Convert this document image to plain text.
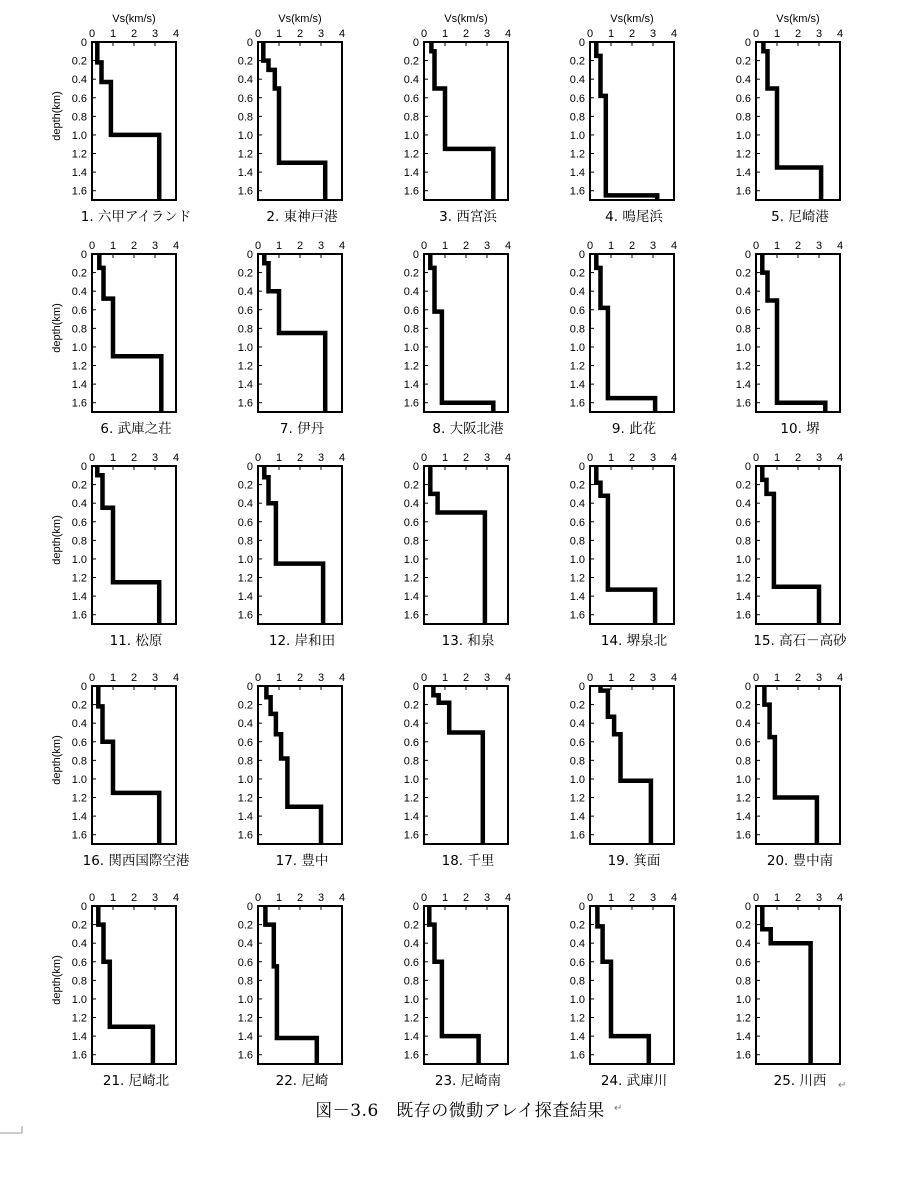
0 1 2 3 4
0
0.2
0.4
0.6
0.8
1.0
1.2
1.4
1.6
Vs(km/s)
depth(km)
1. 六甲アイランド
0 1 2 3 4
0
0.2
0.4
0.6
0.8
1.0
1.2
1.4
1.6
Vs(km/s)
2. 東神戸港
0 1 2 3 4
0
0.2
0.4
0.6
0.8
1.0
1.2
1.4
1.6
Vs(km/s)
3. 西宮浜
0 1 2 3 4
0
0.2
0.4
0.6
0.8
1.0
1.2
1.4
1.6
Vs(km/s)
4. 鳴尾浜
0 1 2 3 4
0
0.2
0.4
0.6
0.8
1.0
1.2
1.4
1.6
Vs(km/s)
5. 尼崎港
0 1 2 3 4
0
0.2
0.4
0.6
0.8
1.0
1.2
1.4
1.6
depth(km)
6. 武庫之荘
0 1 2 3 4
0
0.2
0.4
0.6
0.8
1.0
1.2
1.4
1.6
7. 伊丹
0 1 2 3 4
0
0.2
0.4
0.6
0.8
1.0
1.2
1.4
1.6
8. 大阪北港
0 1 2 3 4
0
0.2
0.4
0.6
0.8
1.0
1.2
1.4
1.6
9. 此花
0 1 2 3 4
0
0.2
0.4
0.6
0.8
1.0
1.2
1.4
1.6
10. 堺
0 1 2 3 4
0
0.2
0.4
0.6
0.8
1.0
1.2
1.4
1.6
depth(km)
11. 松原
0 1 2 3 4
0
0.2
0.4
0.6
0.8
1.0
1.2
1.4
1.6
12. 岸和田
0 1 2 3 4
0
0.2
0.4
0.6
0.8
1.0
1.2
1.4
1.6
13. 和泉
0 1 2 3 4
0
0.2
0.4
0.6
0.8
1.0
1.2
1.4
1.6
14. 堺泉北
0 1 2 3 4
0
0.2
0.4
0.6
0.8
1.0
1.2
1.4
1.6
15. 高石－高砂
0 1 2 3 4
0
0.2
0.4
0.6
0.8
1.0
1.2
1.4
1.6
depth(km)
16. 関西国際空港
0 1 2 3 4
0
0.2
0.4
0.6
0.8
1.0
1.2
1.4
1.6
17. 豊中
0 1 2 3 4
0
0.2
0.4
0.6
0.8
1.0
1.2
1.4
1.6
18. 千里
0 1 2 3 4
0
0.2
0.4
0.6
0.8
1.0
1.2
1.4
1.6
19. 箕面
0 1 2 3 4
0
0.2
0.4
0.6
0.8
1.0
1.2
1.4
1.6
20. 豊中南
0 1 2 3 4
0
0.2
0.4
0.6
0.8
1.0
1.2
1.4
1.6
depth(km)
21. 尼崎北
0 1 2 3 4
0
0.2
0.4
0.6
0.8
1.0
1.2
1.4
1.6
22. 尼崎
0 1 2 3 4
0
0.2
0.4
0.6
0.8
1.0
1.2
1.4
1.6
23. 尼崎南
0 1 2 3 4
0
0.2
0.4
0.6
0.8
1.0
1.2
1.4
1.6
24. 武庫川
0 1 2 3 4
0
0.2
0.4
0.6
0.8
1.0
1.2
1.4
1.6
25. 川西
図－3.6　既存の微動アレイ探査結果
↵
↵
